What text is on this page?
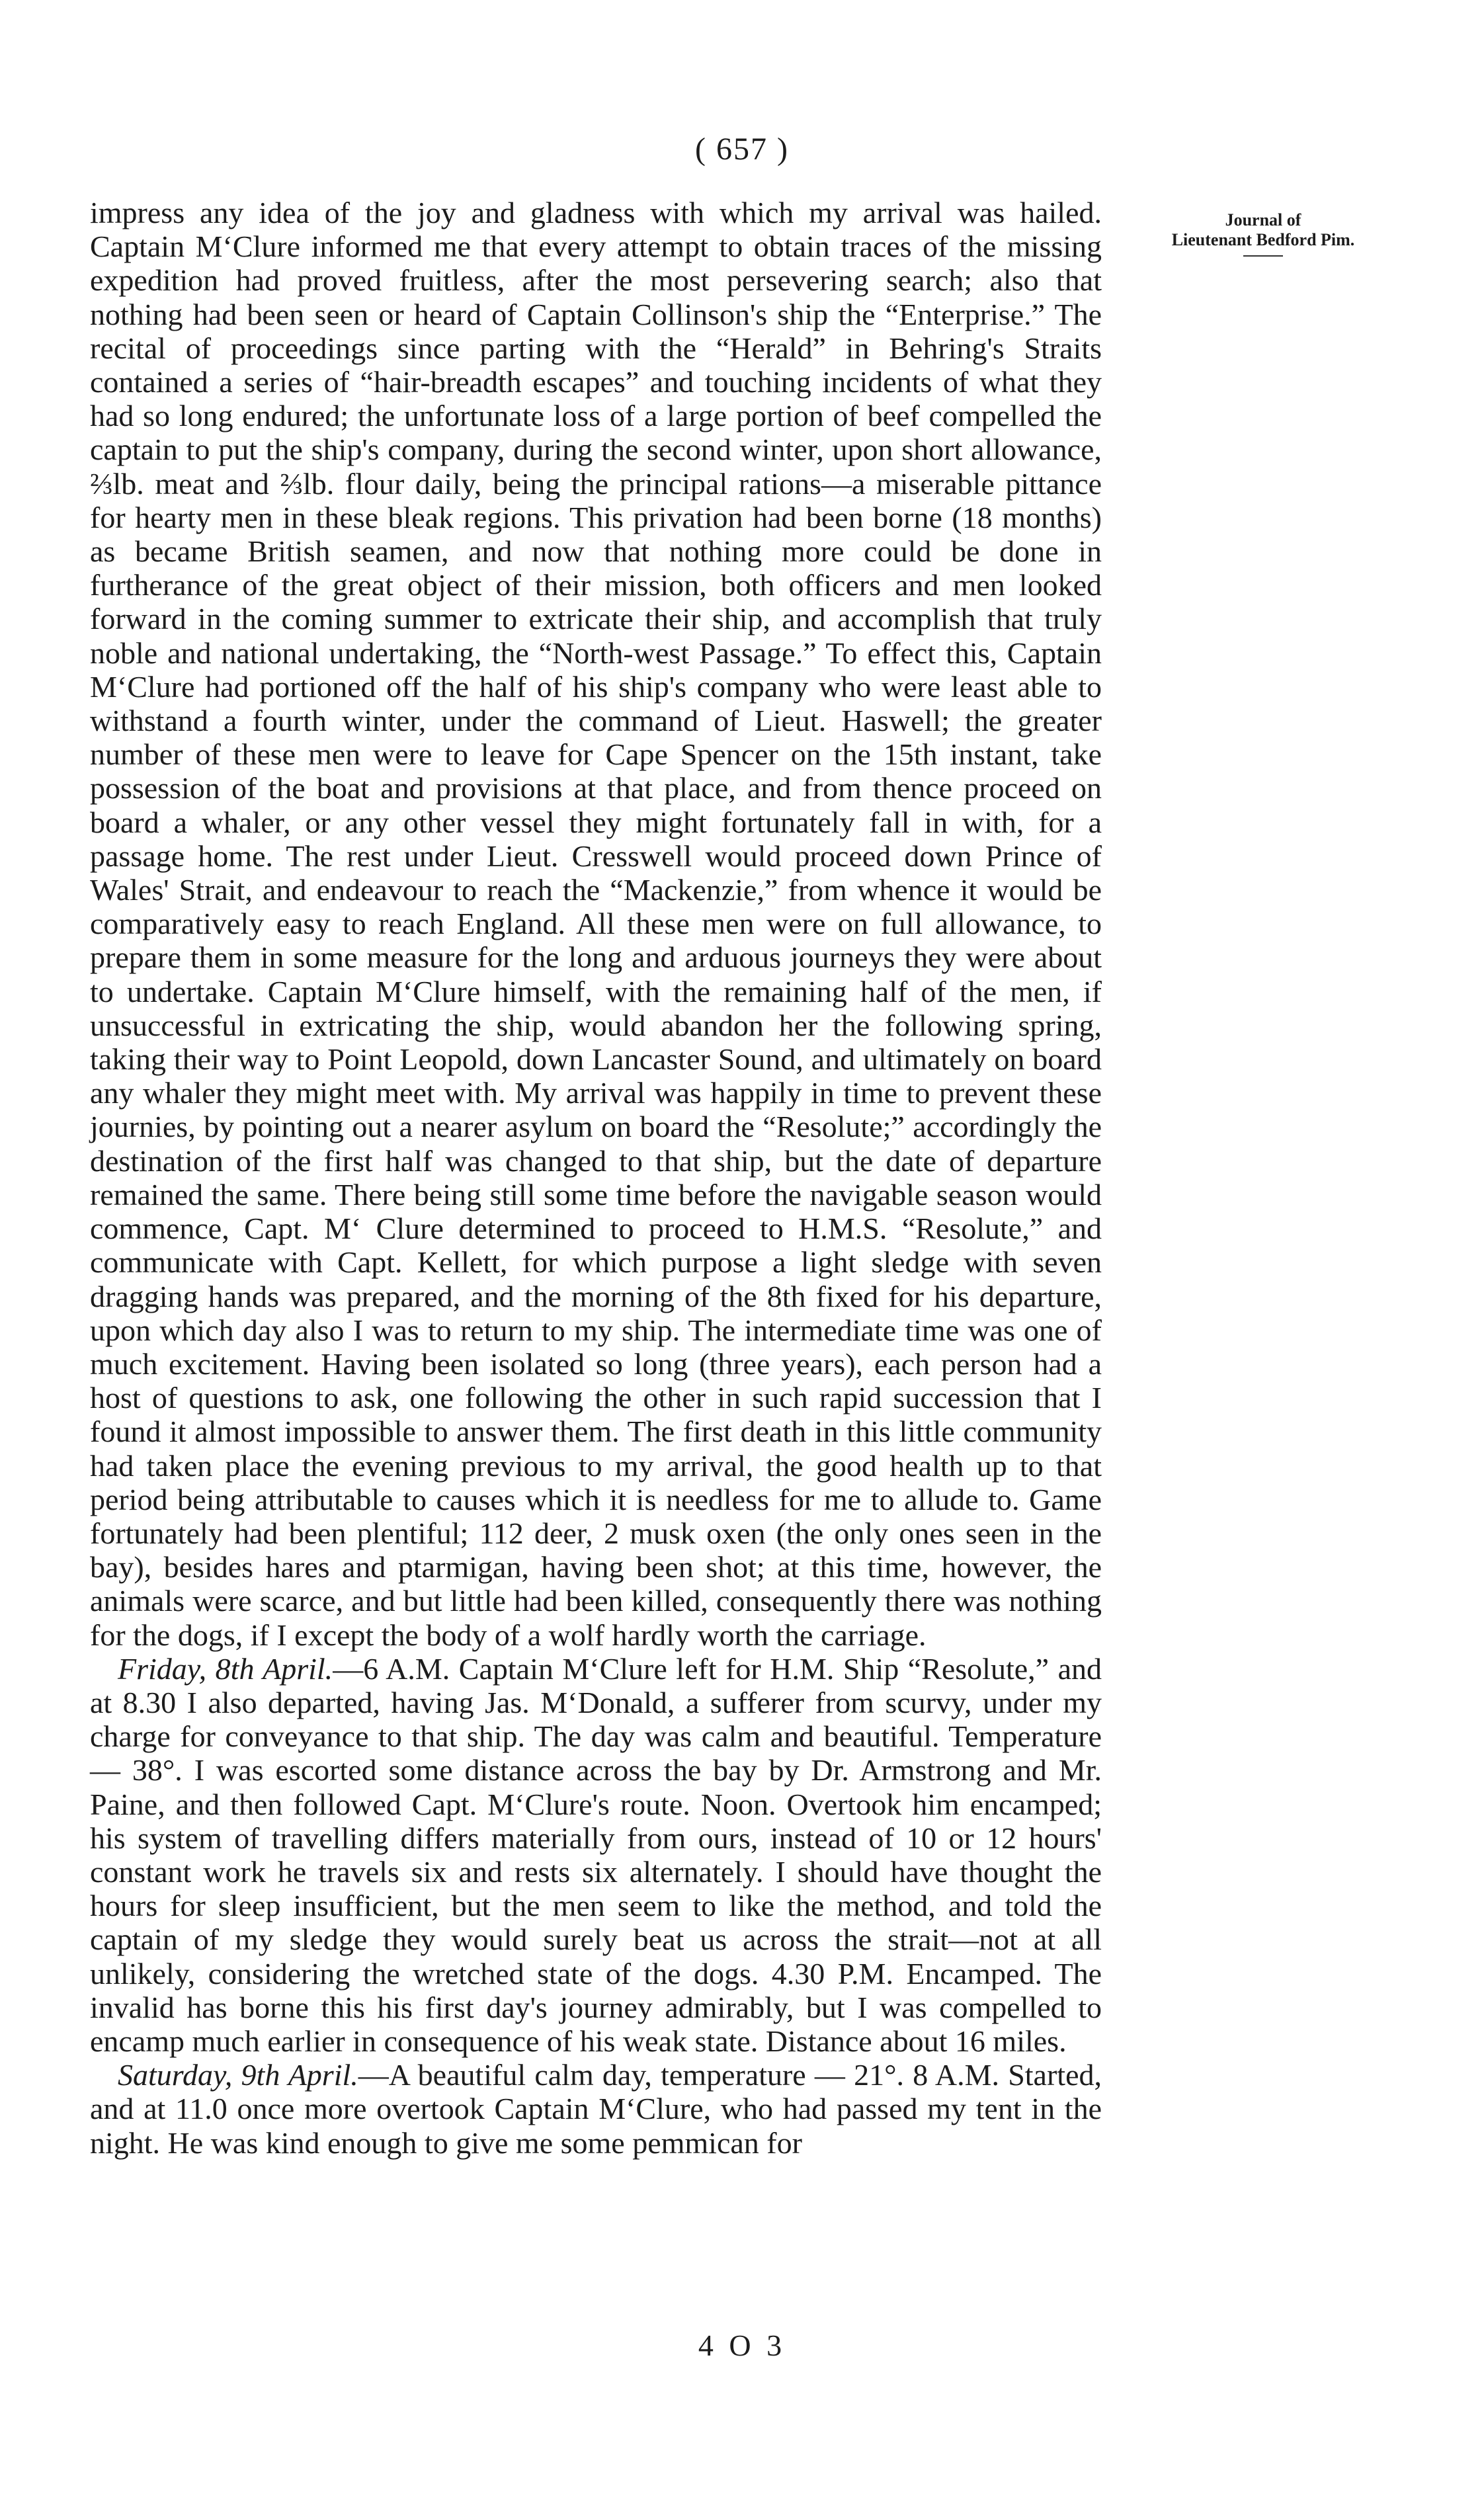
( 657 )
Journal of
Lieutenant Bedford Pim.

impress any idea of the joy and gladness with which my arrival was hailed. Captain M‘Clure informed me that every attempt to obtain traces of the missing expedition had proved fruitless, after the most persevering search; also that nothing had been seen or heard of Captain Collinson's ship the “Enterprise.” The recital of proceedings since parting with the “Herald” in Behring's Straits contained a series of “hair-breadth escapes” and touching incidents of what they had so long endured; the unfortunate loss of a large portion of beef compelled the captain to put the ship's company, during the second winter, upon short allowance, ⅔lb. meat and ⅔lb. flour daily, being the principal rations—a miserable pittance for hearty men in these bleak regions. This privation had been borne (18 months) as became British seamen, and now that nothing more could be done in furtherance of the great object of their mission, both officers and men looked forward in the coming summer to extricate their ship, and accomplish that truly noble and national undertaking, the “North-west Passage.” To effect this, Captain M‘Clure had portioned off the half of his ship's company who were least able to withstand a fourth winter, under the command of Lieut. Haswell; the greater number of these men were to leave for Cape Spencer on the 15th instant, take possession of the boat and provisions at that place, and from thence proceed on board a whaler, or any other vessel they might fortunately fall in with, for a passage home. The rest under Lieut. Cresswell would proceed down Prince of Wales' Strait, and endeavour to reach the “Mackenzie,” from whence it would be comparatively easy to reach England. All these men were on full allowance, to prepare them in some measure for the long and arduous journeys they were about to undertake. Captain M‘Clure himself, with the remaining half of the men, if unsuccessful in extricating the ship, would abandon her the following spring, taking their way to Point Leopold, down Lancaster Sound, and ultimately on board any whaler they might meet with. My arrival was happily in time to prevent these journies, by pointing out a nearer asylum on board the “Resolute;” accordingly the destination of the first half was changed to that ship, but the date of departure remained the same. There being still some time before the navigable season would commence, Capt. M‘ Clure determined to proceed to H.M.S. “Resolute,” and communicate with Capt. Kellett, for which purpose a light sledge with seven dragging hands was prepared, and the morning of the 8th fixed for his departure, upon which day also I was to return to my ship. The intermediate time was one of much excitement. Having been isolated so long (three years), each person had a host of questions to ask, one following the other in such rapid succession that I found it almost impossible to answer them. The first death in this little community had taken place the evening previous to my arrival, the good health up to that period being attributable to causes which it is needless for me to allude to. Game fortunately had been plentiful; 112 deer, 2 musk oxen (the only ones seen in the bay), besides hares and ptarmigan, having been shot; at this time, however, the animals were scarce, and but little had been killed, consequently there was nothing for the dogs, if I except the body of a wolf hardly worth the carriage.

Friday, 8th April.—6 A.M. Captain M‘Clure left for H.M. Ship “Resolute,” and at 8.30 I also departed, having Jas. M‘Donald, a sufferer from scurvy, under my charge for conveyance to that ship. The day was calm and beautiful. Temperature — 38°. I was escorted some distance across the bay by Dr. Armstrong and Mr. Paine, and then followed Capt. M‘Clure's route. Noon. Overtook him encamped; his system of travelling differs materially from ours, instead of 10 or 12 hours' constant work he travels six and rests six alternately. I should have thought the hours for sleep insufficient, but the men seem to like the method, and told the captain of my sledge they would surely beat us across the strait—not at all unlikely, considering the wretched state of the dogs. 4.30 P.M. Encamped. The invalid has borne this his first day's journey admirably, but I was compelled to encamp much earlier in consequence of his weak state. Distance about 16 miles.

Saturday, 9th April.—A beautiful calm day, temperature — 21°. 8 A.M. Started, and at 11.0 once more overtook Captain M‘Clure, who had passed my tent in the night. He was kind enough to give me some pemmican for

4 O 3
